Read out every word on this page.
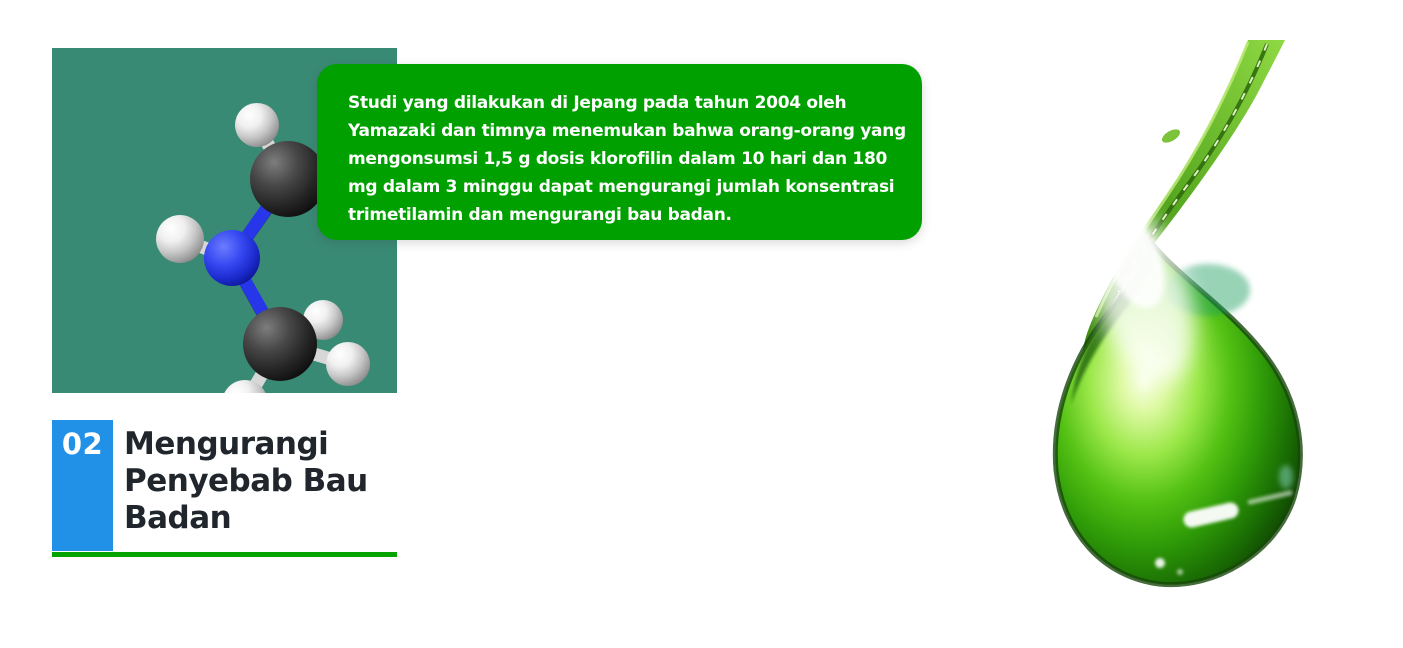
Studi yang dilakukan di Jepang pada tahun 2004 oleh
Yamazaki dan timnya menemukan bahwa orang-orang yang
mengonsumsi 1,5 g dosis klorofilin dalam 10 hari dan 180
mg dalam 3 minggu dapat mengurangi jumlah konsentrasi
trimetilamin dan mengurangi bau badan.
02 Mengurangi
Penyebab Bau
Badan
